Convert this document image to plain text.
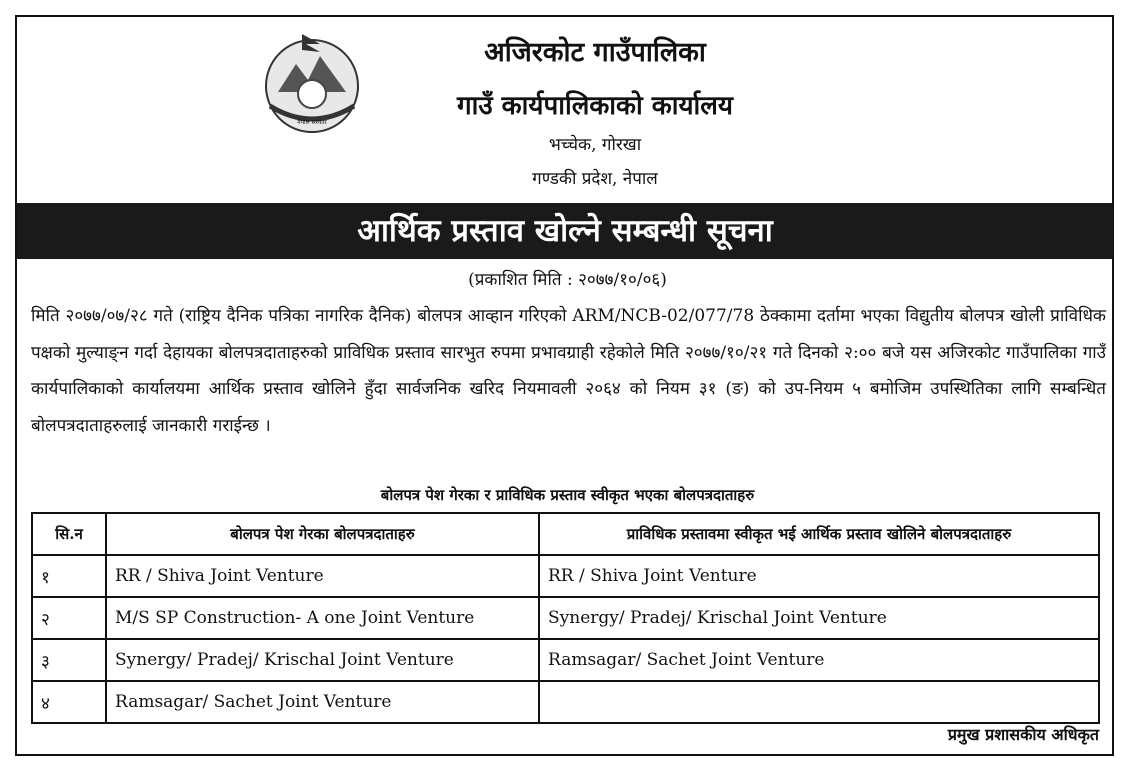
नेपाल सरकार
अजिरकोट गाउँपालिका
गाउँ कार्यपालिकाको कार्यालय
भच्चेक, गोरखा
गण्डकी प्रदेश, नेपाल
आर्थिक प्रस्ताव खोल्ने सम्बन्धी सूचना
(प्रकाशित मिति : २०७७/१०/०६)
मिति २०७७/०७/२८ गते (राष्ट्रिय दैनिक पत्रिका नागरिक दैनिक) बोलपत्र आव्हान गरिएको ARM/NCB-02/077/78 ठेक्कामा दर्तामा भएका विद्युतीय बोलपत्र खोली प्राविधिक पक्षको मुल्याङ्न गर्दा देहायका बोलपत्रदाताहरुको प्राविधिक प्रस्ताव सारभुत रुपमा प्रभावग्राही रहेकोले मिति २०७७/१०/२१ गते दिनको २:०० बजे यस अजिरकोट गाउँपालिका गाउँ कार्यपालिकाको कार्यालयमा आर्थिक प्रस्ताव खोलिने हुँदा सार्वजनिक खरिद नियमावली २०६४ को नियम ३१ (ङ) को उप-नियम ५ बमोजिम उपस्थितिका लागि सम्बन्धित बोलपत्रदाताहरुलाई जानकारी गराईन्छ ।
बोलपत्र पेश गेरका र प्राविधिक प्रस्ताव स्वीकृत भएका बोलपत्रदाताहरु
सि.न	बोलपत्र पेश गेरका बोलपत्रदाताहरु	प्राविधिक प्रस्तावमा स्वीकृत भई आर्थिक प्रस्ताव खोलिने बोलपत्रदाताहरु
१	RR / Shiva Joint Venture	RR / Shiva Joint Venture
२	M/S SP Construction- A one Joint Venture	Synergy/ Pradej/ Krischal Joint Venture
३	Synergy/ Pradej/ Krischal Joint Venture	Ramsagar/ Sachet Joint Venture
४	Ramsagar/ Sachet Joint Venture	
प्रमुख प्रशासकीय अधिकृत
